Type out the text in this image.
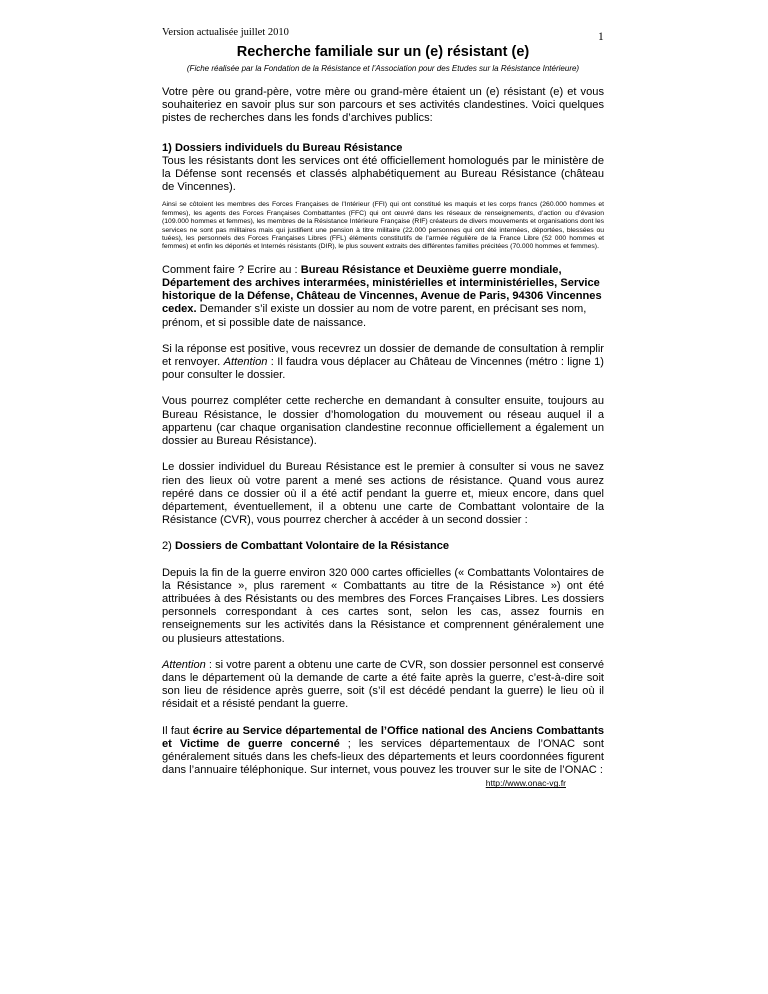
Version actualisée juillet 2010	1
Recherche familiale sur un (e) résistant (e)
(Fiche réalisée par la Fondation de la Résistance et l’Association pour des Etudes sur la Résistance Intérieure)

Votre père ou grand-père, votre mère ou grand-mère étaient un (e) résistant (e) et vous souhaiteriez en savoir plus sur son parcours et ses activités clandestines. Voici quelques pistes de recherches dans les fonds d’archives publics:

1) Dossiers individuels du Bureau Résistance

Tous les résistants dont les services ont été officiellement homologués par le ministère de la Défense sont recensés et classés alphabétiquement au Bureau Résistance (château de Vincennes).

Ainsi se côtoient les membres des Forces Françaises de l’Intérieur (FFI) qui ont constitué les maquis et les corps francs (260.000 hommes et femmes), les agents des Forces Françaises Combattantes (FFC) qui ont œuvré dans les réseaux de renseignements, d’action ou d’évasion (109.000 hommes et femmes), les membres de la Résistance Intérieure Française (RIF) créateurs de divers mouvements et organisations dont les services ne sont pas militaires mais qui justifient une pension à titre militaire (22.000 personnes qui ont été internées, déportées, blessées ou tuées), les personnels des Forces Françaises Libres (FFL) éléments constitutifs de l’armée régulière de la France Libre (52 000 hommes et femmes) et enfin les déportés et Internés résistants (DIR), le plus souvent extraits des différentes familles précitées (70.000 hommes et femmes).

Comment faire ? Ecrire au : Bureau Résistance et Deuxième guerre mondiale, Département des archives interarmées, ministérielles et interministérielles, Service historique de la Défense, Château de Vincennes, Avenue de Paris, 94306 Vincennes cedex. Demander s’il existe un dossier au nom de votre parent, en précisant ses nom, prénom, et si possible date de naissance.

Si la réponse est positive, vous recevrez un dossier de demande de consultation à remplir et renvoyer. Attention : Il faudra vous déplacer au Château de Vincennes (métro : ligne 1) pour consulter le dossier.

Vous pourrez compléter cette recherche en demandant à consulter ensuite, toujours au Bureau Résistance, le dossier d’homologation du mouvement ou réseau auquel il a appartenu (car chaque organisation clandestine reconnue officiellement a également un dossier au Bureau Résistance).

Le dossier individuel du Bureau Résistance est le premier à consulter si vous ne savez rien des lieux où votre parent a mené ses actions de résistance. Quand vous aurez repéré dans ce dossier où il a été actif pendant la guerre et, mieux encore, dans quel département, éventuellement, il a obtenu une carte de Combattant volontaire de la Résistance (CVR), vous pourrez chercher à accéder à un second dossier :

2) Dossiers de Combattant Volontaire de la Résistance

Depuis la fin de la guerre environ 320 000 cartes officielles (« Combattants Volontaires de la Résistance », plus rarement « Combattants au titre de la Résistance ») ont été attribuées à des Résistants ou des membres des Forces Françaises Libres. Les dossiers personnels correspondant à ces cartes sont, selon les cas, assez fournis en renseignements sur les activités dans la Résistance et comprennent généralement une ou plusieurs attestations.

Attention : si votre parent a obtenu une carte de CVR, son dossier personnel est conservé dans le département où la demande de carte a été faite après la guerre, c’est-à-dire soit son lieu de résidence après guerre, soit (s’il est décédé pendant la guerre) le lieu où il résidait et a résisté pendant la guerre.

Il faut écrire au Service départemental de l’Office national des Anciens Combattants et Victime de guerre concerné ; les services départementaux de l’ONAC sont généralement situés dans les chefs-lieux des départements et leurs coordonnées figurent dans l’annuaire téléphonique. Sur internet, vous pouvez les trouver sur le site de l’ONAC :

http://www.onac-vg.fr
